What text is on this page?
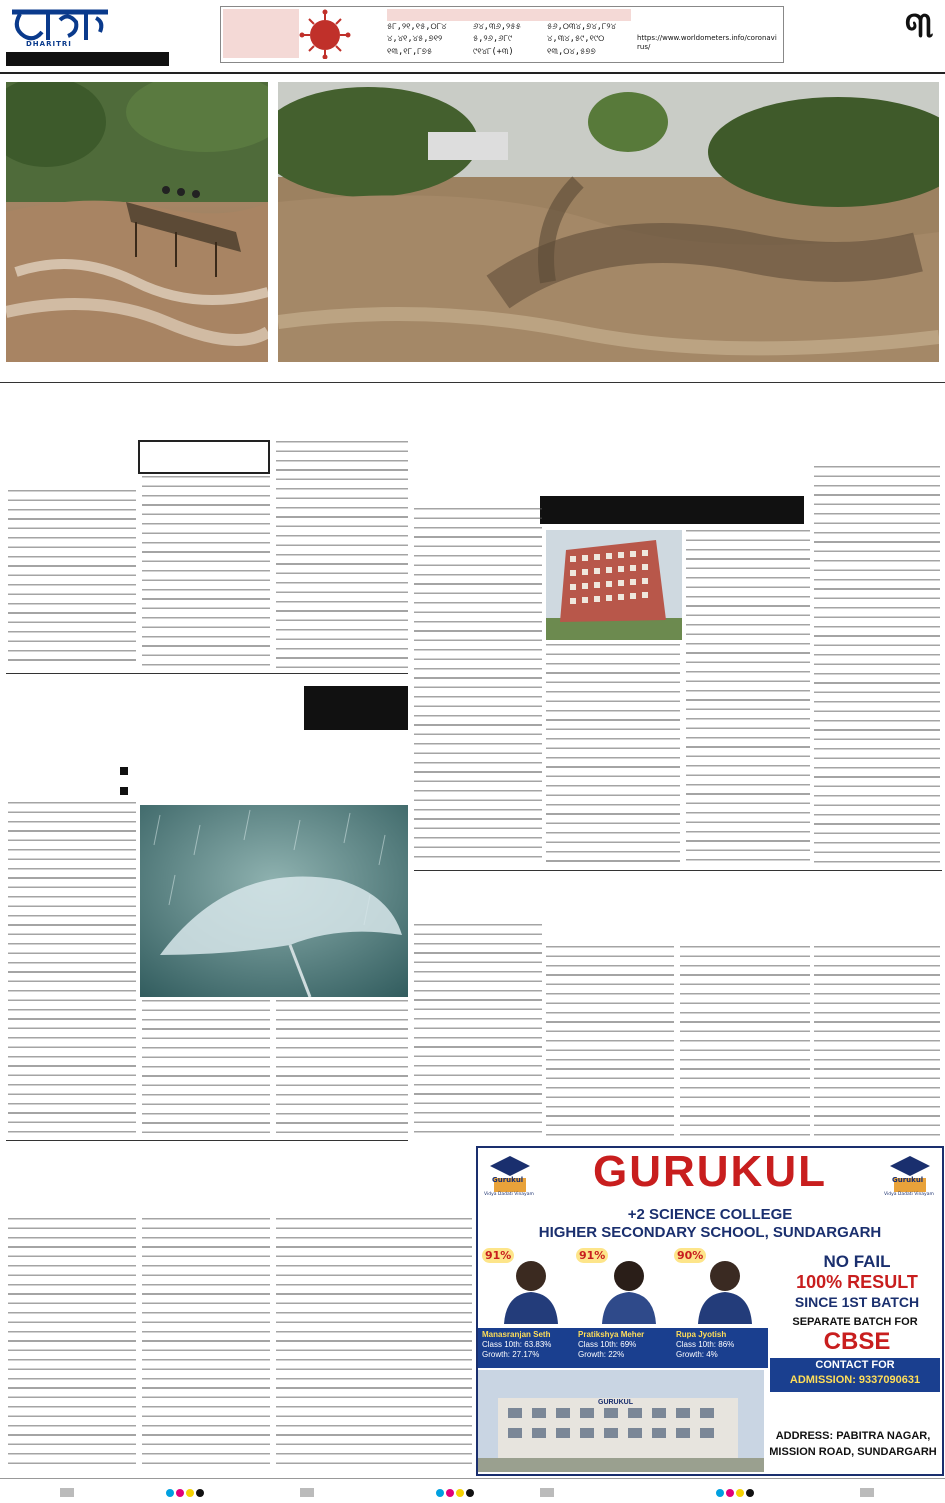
DHARITRI
୫୮,୨୧,୧୫,୦୮୪	୬୪,୩୬,୨୫୫	୫୬,୦୩୪,୭୪,୮୨୪
୪,୪୧,୪୫,୭୧୨	୫,୨୬,୬୮୯	୪,୩୪,୫୯,୧୯୦
୧୩,୧୮,୮୭୫	୯୧୪୮(+୩)	୧୩,୦୪,୫୭୭
https://www.worldometers.info/coronavirus/
୩
Gurukul
Vidya Dadati Vinayam	GURUKUL	Gurukul
Vidya Dadati Vinayam
+2 SCIENCE COLLEGE
HIGHER SECONDARY SCHOOL, SUNDARGARH
91%	91%	90%
Manasranjan Seth
Class 10th: 63.83%
Growth: 27.17%
Pratikshya Meher
Class 10th: 69%
Growth: 22%
Rupa Jyotish
Class 10th: 86%
Growth: 4%
NO FAIL
100% RESULT
SINCE 1ST BATCH
SEPARATE BATCH FOR
CBSE
CONTACT FOR
ADMISSION: 9337090631
GURUKUL
ADDRESS: PABITRA NAGAR,
MISSION ROAD, SUNDARGARH
